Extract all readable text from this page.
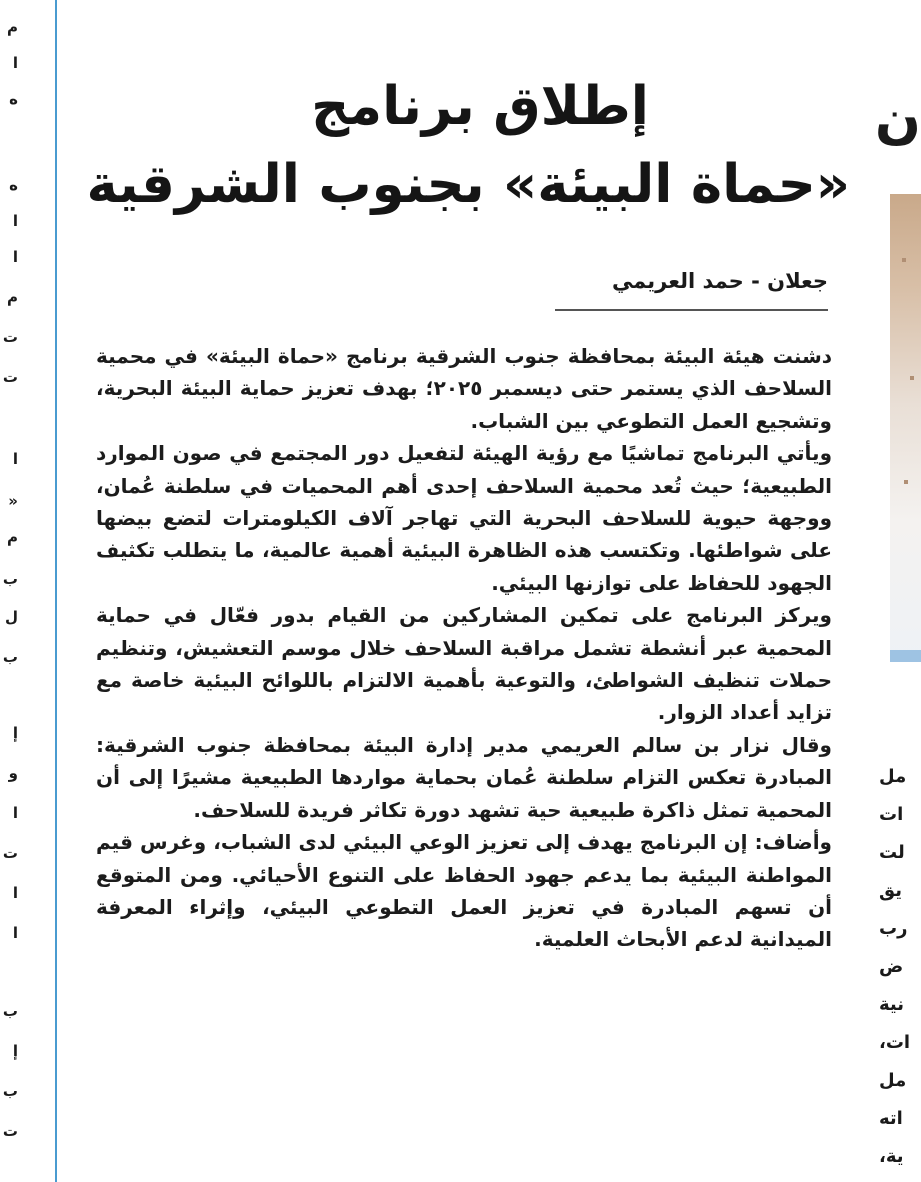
م
ا
ه
ه
ا
ا
م
ت
ت
ا
«
م
ب
ل
ب
إ
و
ا
ت
ا
ا
ب
إ
ب
ت
إطلاق برنامج
«حماة البيئة» بجنوب الشرقية
جعلان - حمد العريمي

دشنت هيئة البيئة بمحافظة جنوب الشرقية برنامج «حماة البيئة» في محمية السلاحف الذي يستمر حتى ديسمبر ٢٠٢٥؛ بهدف تعزيز حماية البيئة البحرية، وتشجيع العمل التطوعي بين الشباب.

ويأتي البرنامج تماشيًا مع رؤية الهيئة لتفعيل دور المجتمع في صون الموارد الطبيعية؛ حيث تُعد محمية السلاحف إحدى أهم المحميات في سلطنة عُمان، ووجهة حيوية للسلاحف البحرية التي تهاجر آلاف الكيلومترات لتضع بيضها على شواطئها. وتكتسب هذه الظاهرة البيئية أهمية عالمية، ما يتطلب تكثيف الجهود للحفاظ على توازنها البيئي.

ويركز البرنامج على تمكين المشاركين من القيام بدور فعّال في حماية المحمية عبر أنشطة تشمل مراقبة السلاحف خلال موسم التعشيش، وتنظيم حملات تنظيف الشواطئ، والتوعية بأهمية الالتزام باللوائح البيئية خاصة مع تزايد أعداد الزوار.

وقال نزار بن سالم العريمي مدير إدارة البيئة بمحافظة جنوب الشرقية: المبادرة تعكس التزام سلطنة عُمان بحماية مواردها الطبيعية مشيرًا إلى أن المحمية تمثل ذاكرة طبيعية حية تشهد دورة تكاثر فريدة للسلاحف.

وأضاف: إن البرنامج يهدف إلى تعزيز الوعي البيئي لدى الشباب، وغرس قيم المواطنة البيئية بما يدعم جهود الحفاظ على التنوع الأحيائي. ومن المتوقع أن تسهم المبادرة في تعزيز العمل التطوعي البيئي، وإثراء المعرفة الميدانية لدعم الأبحاث العلمية.

ن
مل
ات
لت
يق
رب
ض
نية
ات،
مل
اته
ية،
